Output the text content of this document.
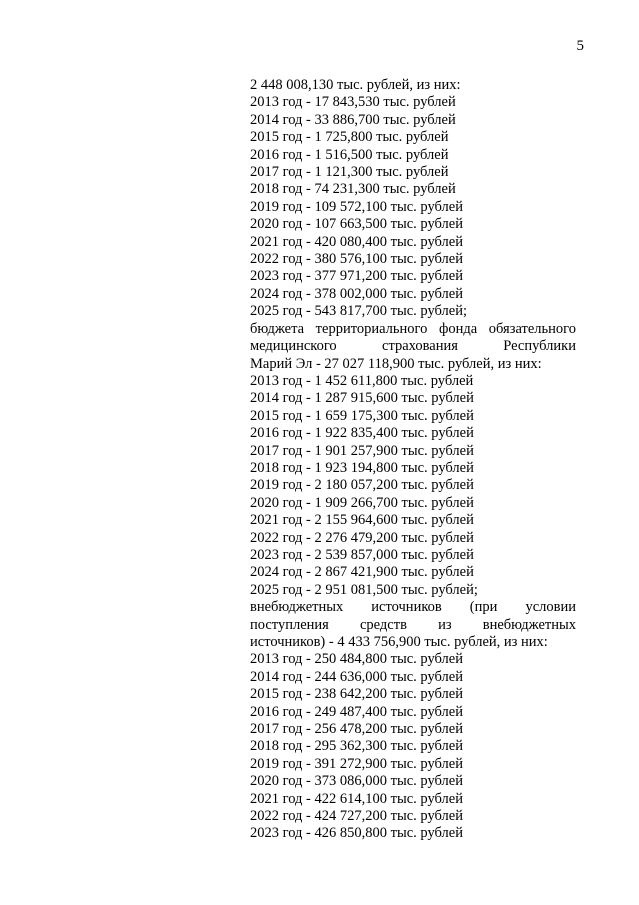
5
2 448 008,130 тыс. рублей, из них:
2013 год - 17 843,530 тыс. рублей
2014 год - 33 886,700 тыс. рублей
2015 год - 1 725,800 тыс. рублей
2016 год - 1 516,500 тыс. рублей
2017 год - 1 121,300 тыс. рублей
2018 год - 74 231,300 тыс. рублей
2019 год - 109 572,100 тыс. рублей
2020 год - 107 663,500 тыс. рублей
2021 год - 420 080,400 тыс. рублей
2022 год - 380 576,100 тыс. рублей
2023 год - 377 971,200 тыс. рублей
2024 год - 378 002,000 тыс. рублей
2025 год - 543 817,700 тыс. рублей;
бюджета территориального фонда обязательного
медицинского	страхования	Республики
Марий Эл - 27 027 118,900 тыс. рублей, из них:
2013 год - 1 452 611,800 тыс. рублей
2014 год - 1 287 915,600 тыс. рублей
2015 год - 1 659 175,300 тыс. рублей
2016 год - 1 922 835,400 тыс. рублей
2017 год - 1 901 257,900 тыс. рублей
2018 год - 1 923 194,800 тыс. рублей
2019 год - 2 180 057,200 тыс. рублей
2020 год - 1 909 266,700 тыс. рублей
2021 год - 2 155 964,600 тыс. рублей
2022 год - 2 276 479,200 тыс. рублей
2023 год - 2 539 857,000 тыс. рублей
2024 год - 2 867 421,900 тыс. рублей
2025 год - 2 951 081,500 тыс. рублей;
внебюджетных источников (при условии
поступления средств из внебюджетных
источников) - 4 433 756,900 тыс. рублей, из них:
2013 год - 250 484,800 тыс. рублей
2014 год - 244 636,000 тыс. рублей
2015 год - 238 642,200 тыс. рублей
2016 год - 249 487,400 тыс. рублей
2017 год - 256 478,200 тыс. рублей
2018 год - 295 362,300 тыс. рублей
2019 год - 391 272,900 тыс. рублей
2020 год - 373 086,000 тыс. рублей
2021 год - 422 614,100 тыс. рублей
2022 год - 424 727,200 тыс. рублей
2023 год - 426 850,800 тыс. рублей
